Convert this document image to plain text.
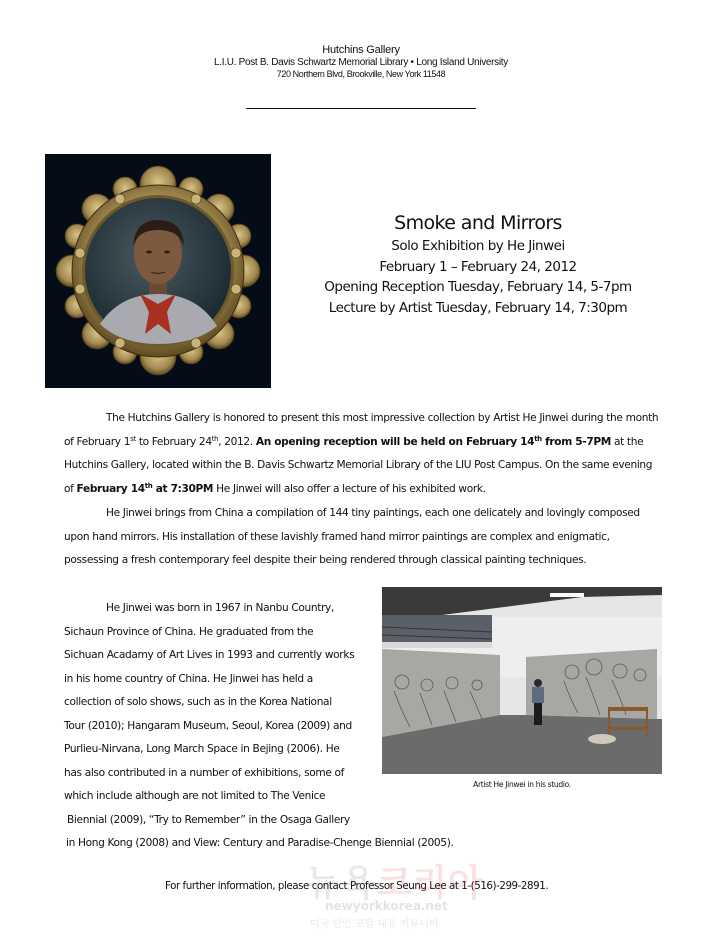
Hutchins Gallery
L.I.U. Post B. Davis Schwartz Memorial Library • Long Island University
720 Northern Blvd, Brookville, New York 11548
Smoke and Mirrors
Solo Exhibition by He Jinwei
February 1 – February 24, 2012
Opening Reception Tuesday, February 14, 5-7pm
Lecture by Artist Tuesday, February 14, 7:30pm

The Hutchins Gallery is honored to present this most impressive collection by Artist He Jinwei during the month of February 1st to February 24th, 2012. An opening reception will be held on February 14th from 5-7PM at the Hutchins Gallery, located within the B. Davis Schwartz Memorial Library of the LIU Post Campus. On the same evening of February 14th at 7:30PM He Jinwei will also offer a lecture of his exhibited work.

He Jinwei brings from China a compilation of 144 tiny paintings, each one delicately and lovingly composed upon hand mirrors. His installation of these lavishly framed hand mirror paintings are complex and enigmatic, possessing a fresh contemporary feel despite their being rendered through classical painting techniques.

He Jinwei was born in 1967 in Nanbu Country,

Sichaun Province of China. He graduated from the

Sichuan Acadamy of Art Lives in 1993 and currently works

in his home country of China. He Jinwei has held a

collection of solo shows, such as in the Korea National

Tour (2010); Hangaram Museum, Seoul, Korea (2009) and

Purlieu-Nirvana, Long March Space in Bejing (2006). He

has also contributed in a number of exhibitions, some of

which include although are not limited to The Venice

Biennial (2009), “Try to Remember” in the Osaga Gallery

in Hong Kong (2008) and View: Century and Paradise-Chenge Biennial (2005).

Artist He Jinwei in his studio.
For further information, please contact Professor Seung Lee at 1-(516)-299-2891.
뉴욕코리아
newyorkkorea.net
미국 한인 포탈 대표 커뮤니티
